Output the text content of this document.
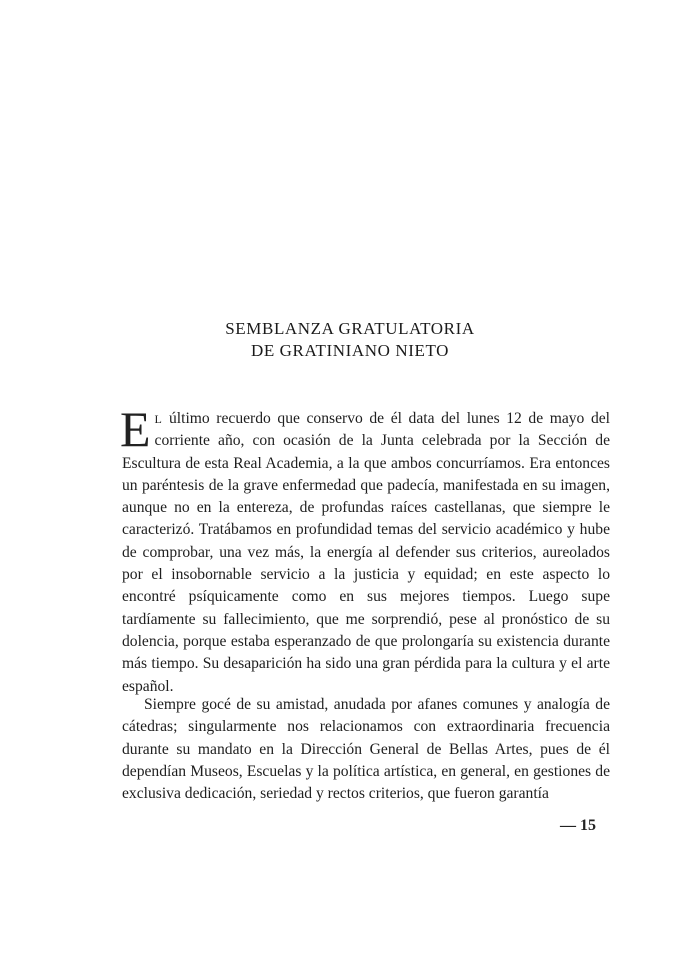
SEMBLANZA GRATULATORIA
DE GRATINIANO NIETO
E L último recuerdo que conservo de él data del lunes 12 de mayo del corriente año, con ocasión de la Junta celebrada por la Sección de Escultura de esta Real Academia, a la que ambos concurríamos. Era entonces un paréntesis de la grave enfermedad que padecía, manifestada en su imagen, aunque no en la entereza, de profundas raíces castellanas, que siempre le caracterizó. Tratábamos en profundidad temas del servicio académico y hube de comprobar, una vez más, la energía al defender sus criterios, aureolados por el insobornable servicio a la justicia y equidad; en este aspecto lo encontré psíquicamente como en sus mejores tiempos. Luego supe tardíamente su fallecimiento, que me sorprendió, pese al pronóstico de su dolencia, porque estaba esperanzado de que prolongaría su existencia durante más tiempo. Su desaparición ha sido una gran pérdida para la cultura y el arte español.
Siempre gocé de su amistad, anudada por afanes comunes y analogía de cátedras; singularmente nos relacionamos con extraordinaria frecuencia durante su mandato en la Dirección General de Bellas Artes, pues de él dependían Museos, Escuelas y la política artística, en general, en gestiones de exclusiva dedicación, seriedad y rectos criterios, que fueron garantía
— 15
